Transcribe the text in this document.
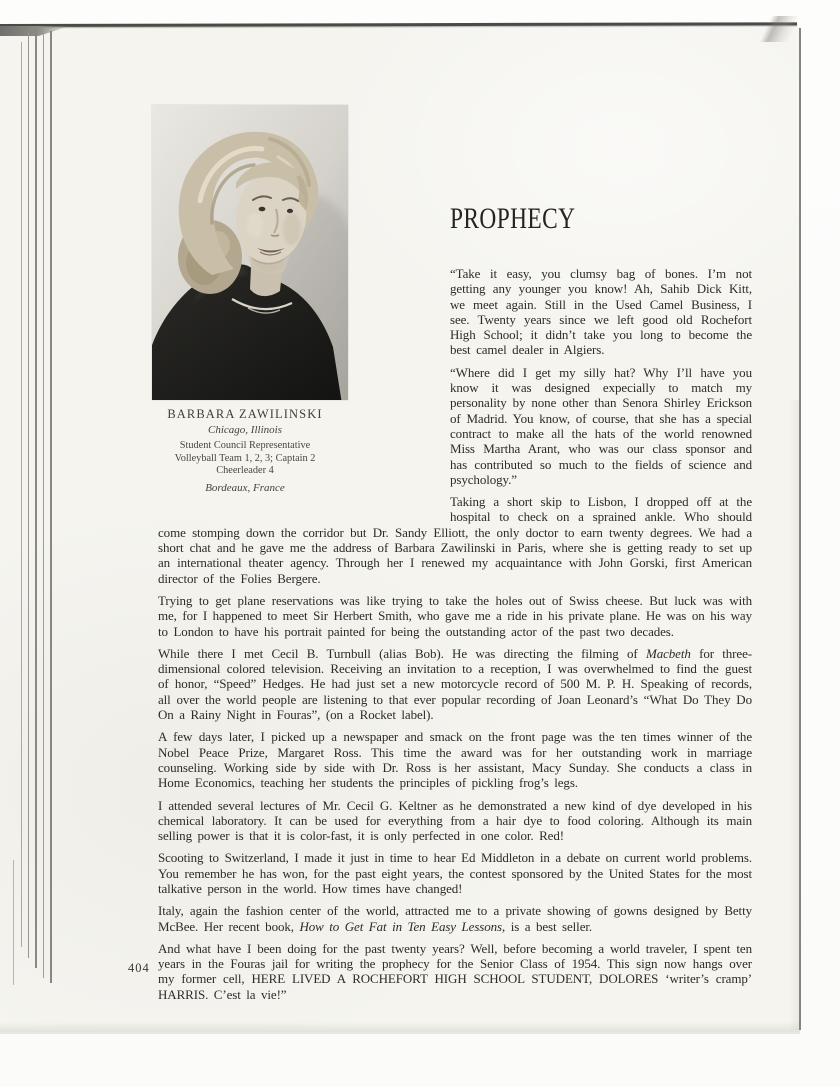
BARBARA ZAWILINSKI
Chicago, Illinois
Student Council Representative
Volleyball Team 1, 2, 3; Captain 2
Cheerleader 4
Bordeaux, France
PROPHECY

“Take it easy, you clumsy bag of bones. I’m not getting any younger you know! Ah, Sahib Dick Kitt, we meet again. Still in the Used Camel Business, I see. Twenty years since we left good old Rochefort High School; it didn’t take you long to become the best camel dealer in Algiers.

“Where did I get my silly hat? Why I’ll have you know it was designed expecially to match my personality by none other than Senora Shirley Erickson of Madrid. You know, of course, that she has a special contract to make all the hats of the world renowned Miss Martha Arant, who was our class sponsor and has contributed so much to the fields of science and psychology.”

Taking a short skip to Lisbon, I dropped off at the hospital to check on a sprained ankle. Who should come stomping down the corridor but Dr. Sandy Elliott, the only doctor to earn twenty degrees. We had a short chat and he gave me the address of Barbara Zawilinski in Paris, where she is getting ready to set up an international theater agency. Through her I renewed my acquaintance with John Gorski, first American director of the Folies Bergere.

Trying to get plane reservations was like trying to take the holes out of Swiss cheese. But luck was with me, for I happened to meet Sir Herbert Smith, who gave me a ride in his private plane. He was on his way to London to have his portrait painted for being the outstanding actor of the past two decades.

While there I met Cecil B. Turnbull (alias Bob). He was directing the filming of Macbeth for three-dimensional colored television. Receiving an invitation to a reception, I was overwhelmed to find the guest of honor, “Speed” Hedges. He had just set a new motorcycle record of 500 M. P. H. Speaking of records, all over the world people are listening to that ever popular recording of Joan Leonard’s “What Do They Do On a Rainy Night in Fouras”, (on a Rocket label).

A few days later, I picked up a newspaper and smack on the front page was the ten times winner of the Nobel Peace Prize, Margaret Ross. This time the award was for her outstanding work in marriage counseling. Working side by side with Dr. Ross is her assistant, Macy Sunday. She conducts a class in Home Economics, teaching her students the principles of pickling frog’s legs.

I attended several lectures of Mr. Cecil G. Keltner as he demonstrated a new kind of dye developed in his chemical laboratory. It can be used for everything from a hair dye to food coloring. Although its main selling power is that it is color-fast, it is only perfected in one color. Red!

Scooting to Switzerland, I made it just in time to hear Ed Middleton in a debate on current world problems. You remember he has won, for the past eight years, the contest sponsored by the United States for the most talkative person in the world. How times have changed!

Italy, again the fashion center of the world, attracted me to a private showing of gowns designed by Betty McBee. Her recent book, How to Get Fat in Ten Easy Lessons, is a best seller.

And what have I been doing for the past twenty years? Well, before becoming a world traveler, I spent ten years in the Fouras jail for writing the prophecy for the Senior Class of 1954. This sign now hangs over my former cell, HERE LIVED A ROCHEFORT HIGH SCHOOL STUDENT, DOLORES ‘writer’s cramp’ HARRIS. C’est la vie!”

404
